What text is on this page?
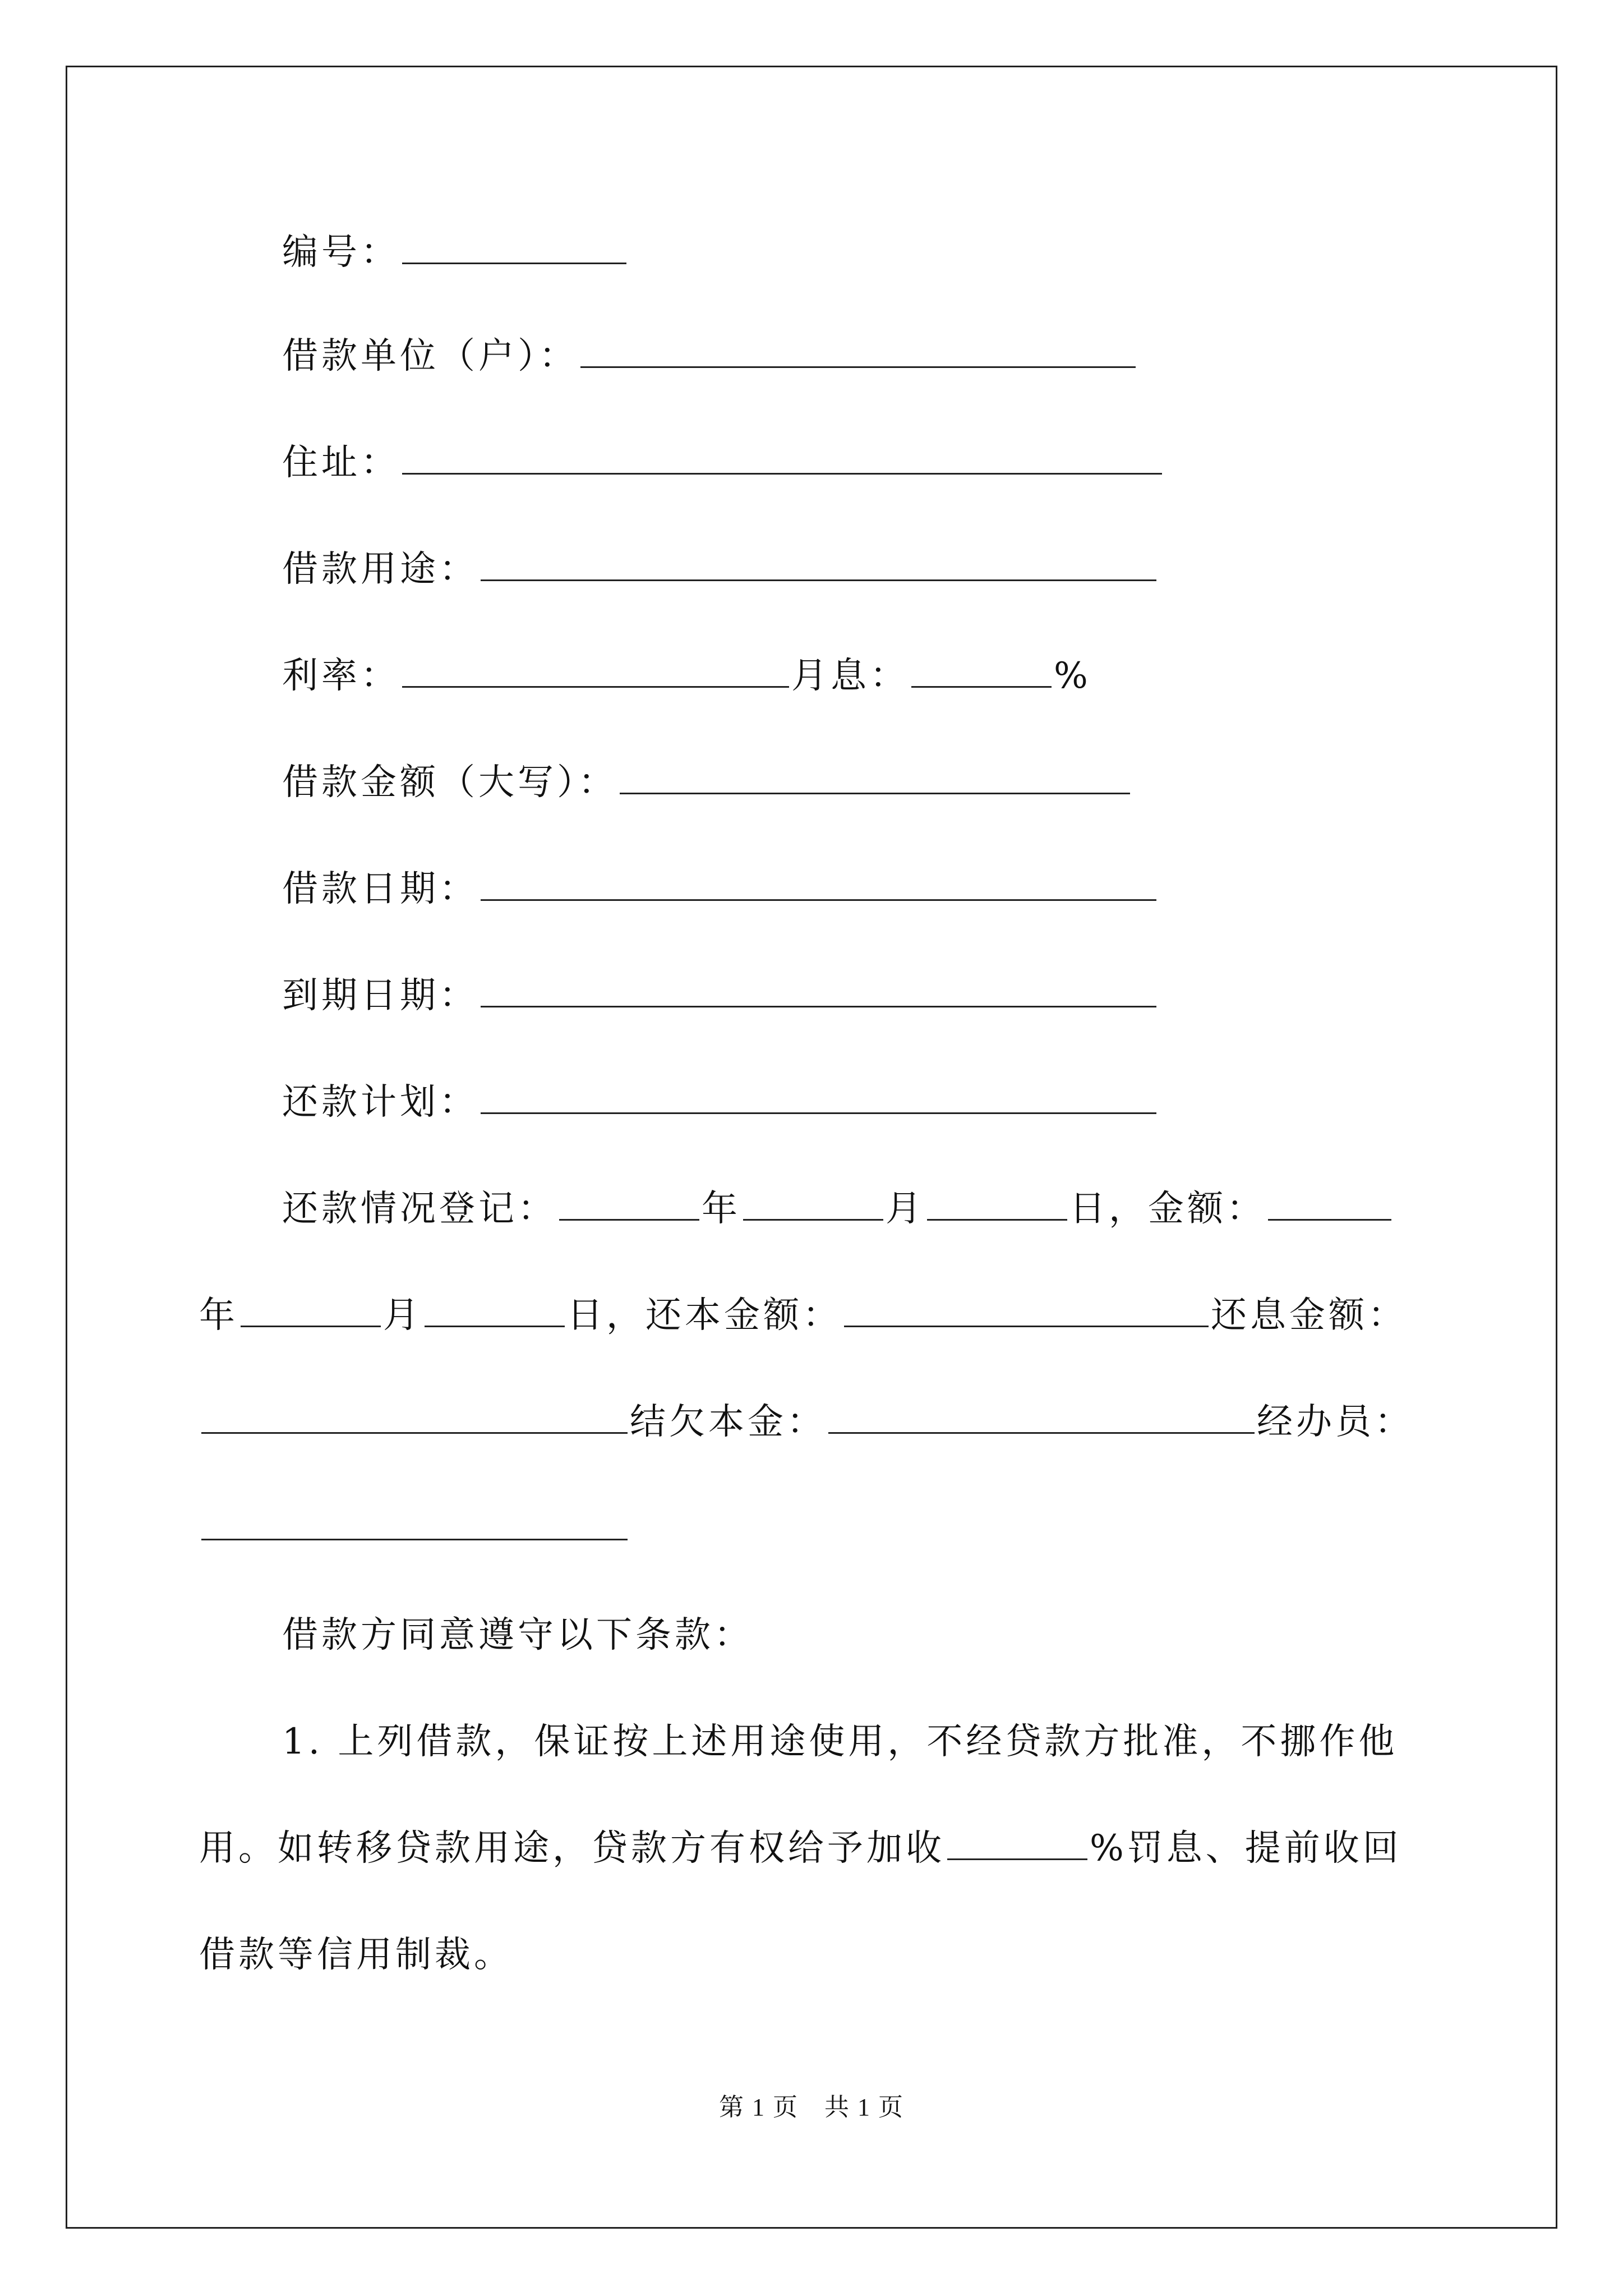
编号：
借款单位（户）：
住址：
借款用途：
利率：	月息：	%
借款金额（大写）：
借款日期：
到期日期：
还款计划：
还款情况登记：	年	月	日，金额：
年	月	日，还本金额：	还息金额：
结欠本金：	经办员：
借款方同意遵守以下条款：
1. 上列借款，保证按上述用途使用，不经贷款方批准，不挪作他
用。如转移贷款用途，贷款方有权给予加收	%罚息、提前收回
借款等信用制裁。
第 1 页　共 1 页
